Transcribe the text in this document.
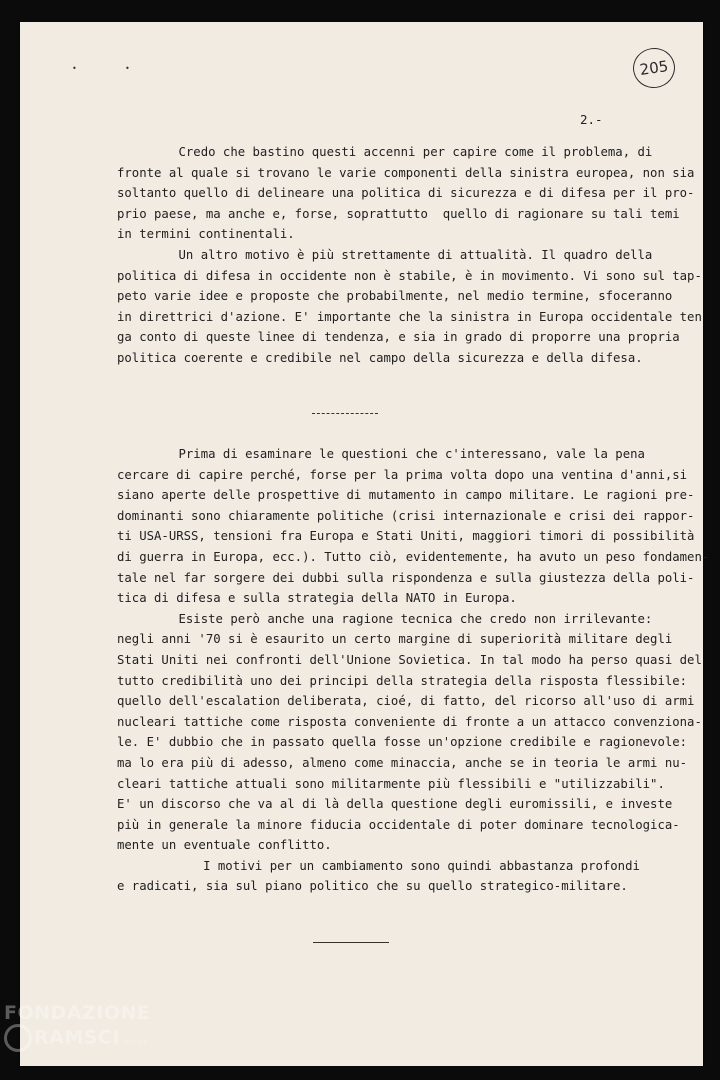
•          •	205
2.-
Credo che bastino questi accenni per capire come il problema, di
fronte al quale si trovano le varie componenti della sinistra europea, non sia
soltanto quello di delineare una politica di sicurezza e di difesa per il pro-
prio paese, ma anche e, forse, soprattutto  quello di ragionare su tali temi
in termini continentali.
Un altro motivo è più strettamente di attualità. Il quadro della
politica di difesa in occidente non è stabile, è in movimento. Vi sono sul tap-
peto varie idee e proposte che probabilmente, nel medio termine, sfoceranno
in direttrici d'azione. E' importante che la sinistra in Europa occidentale ten
ga conto di queste linee di tendenza, e sia in grado di proporre una propria
politica coerente e credibile nel campo della sicurezza e della difesa.
Prima di esaminare le questioni che c'interessano, vale la pena
cercare di capire perché, forse per la prima volta dopo una ventina d'anni,si
siano aperte delle prospettive di mutamento in campo militare. Le ragioni pre-
dominanti sono chiaramente politiche (crisi internazionale e crisi dei rappor-
ti USA-URSS, tensioni fra Europa e Stati Uniti, maggiori timori di possibilità
di guerra in Europa, ecc.). Tutto ciò, evidentemente, ha avuto un peso fondamen-
tale nel far sorgere dei dubbi sulla rispondenza e sulla giustezza della poli-
tica di difesa e sulla strategia della NATO in Europa.
Esiste però anche una ragione tecnica che credo non irrilevante:
negli anni '70 si è esaurito un certo margine di superiorità militare degli
Stati Uniti nei confronti dell'Unione Sovietica. In tal modo ha perso quasi del
tutto credibilità uno dei principi della strategia della risposta flessibile:
quello dell'escalation deliberata, cioé, di fatto, del ricorso all'uso di armi
nucleari tattiche come risposta conveniente di fronte a un attacco convenziona-
le. E' dubbio che in passato quella fosse un'opzione credibile e ragionevole:
ma lo era più di adesso, almeno come minaccia, anche se in teoria le armi nu-
cleari tattiche attuali sono militarmente più flessibili e "utilizzabili".
E' un discorso che va al di là della questione degli euromissili, e investe
più in generale la minore fiducia occidentale di poter dominare tecnologica-
mente un eventuale conflitto.
I motivi per un cambiamento sono quindi abbastanza profondi
e radicati, sia sul piano politico che su quello strategico-militare.
FONDAZIONE
RAMSCI onlus
